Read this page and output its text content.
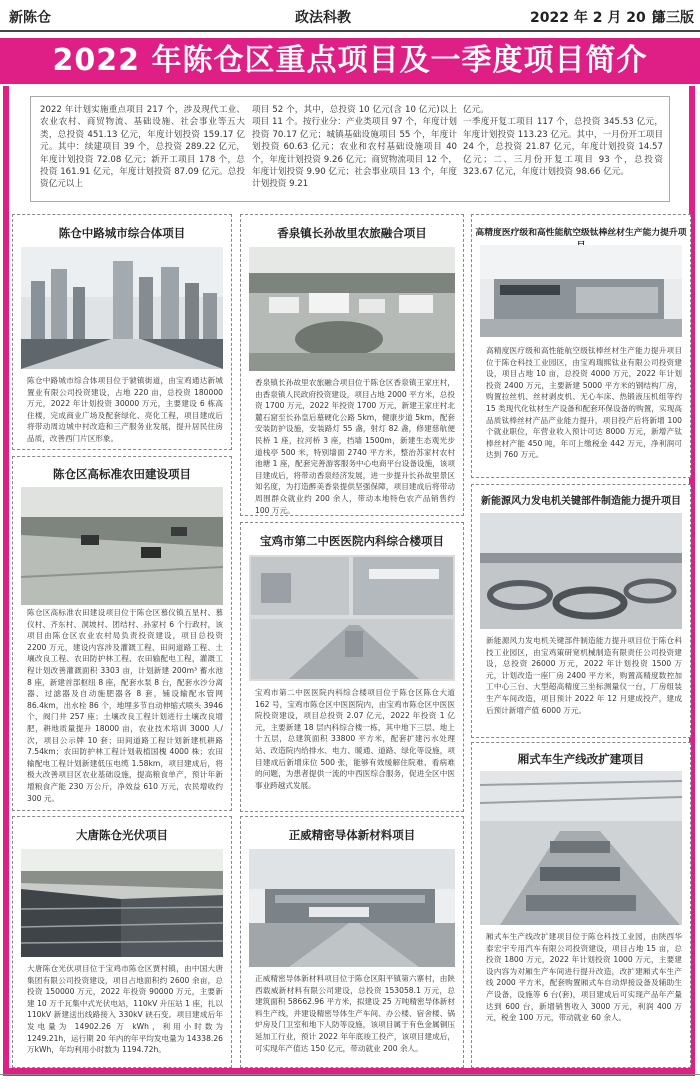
新陈仓	政法科教	2022 年 2 月 20 日
第三版
2022 年陈仓区重点项目及一季度项目简介
2022 年计划实施重点项目 217 个，涉及现代工业、农业农村、商贸物流、基础设施、社会事业等五大类，总投资 451.13 亿元，年度计划投资 159.17 亿元。其中：续建项目 39 个，总投资 289.22 亿元，年度计划投资 72.08 亿元；新开工项目 178 个，总投资 161.91 亿元，年度计划投资 87.09 亿元。总投资亿元以上
项目 52 个，其中，总投资 10 亿元(含 10 亿元)以上项目 11 个。按行业分：产业类项目 97 个，年度计划投资 70.17 亿元；城镇基础设施项目 55 个，年度计划投资 60.63 亿元；农业和农村基础设施项目 40 个，年度计划投资 9.26 亿元；商贸物流项目 12 个，年度计划投资 9.90 亿元；社会事业项目 13 个，年度计划投资 9.21
亿元。
一季度开复工项目 117 个，总投资 345.53 亿元，年度计划投资 113.23 亿元。其中，一月份开工项目 24 个，总投资 21.87 亿元，年度计划投资 14.57 亿元；二、三月份开复工项目 93 个，总投资 323.67 亿元，年度计划投资 98.66 亿元。
陈仓中路城市综合体项目
陈仓中路城市综合体项目位于虢镇街道，由宝鸡通达新城置业有限公司投资建设，占地 220 亩，总投资 180000 万元，2022 年计划投资 30000 万元，主要建设 6 栋高住楼，完成商业广场及配套绿化、亮化工程，项目建成后将带动周边城中村改造和三产服务业发展，提升居民住房品质，改善西门片区形象。
陈仓区高标准农田建设项目
陈仓区高标准农田建设项目位于陈仓区慕仪镇五星村、慕仪村、齐东村、洞坡村、团结村、孙家村 6 个行政村，该项目由陈仓区农业农村局负责投资建设，项目总投资 2200 万元，建设内容涉及灌溉工程、田间道路工程、土壤改良工程、农田防护林工程、农田输配电工程，灌溉工程计划改善灌溉面积 3303 亩，计划新建 200m³ 蓄水池 8 座，新建首部枢纽 8 座，配套水泵 8 台，配套水沙分离器、过滤器及自动施肥器各 8 套，铺设输配水管网 86.4km，出水栓 86 个，地埋多节自动伸缩式喷头 3946 个，阀门井 257 座；土壤改良工程计划进行土壤改良增肥，耕地质量提升 18000 亩，农业技术培训 3000 人/次，项目公示牌 10 套；田间道路工程计划新建机耕路 7.54km；农田防护林工程计划栽植国槐 4000 株；农田输配电工程计划新建低压电缆 1.58km，项目建成后，将极大改善项目区农业基础设施，提高粮食单产，预计年新增粮食产能 230 万公斤，净效益 610 万元，农民增收约 300 元。
大唐陈仓光伏项目
大唐陈仓光伏项目位于宝鸡市陈仓区贾村镇，由中国大唐集团有限公司投资建设，项目占地面积约 2600 余亩，总投资 150000 万元，2022 年投资 90000 万元，主要新建 10 万千瓦集中式光伏电站，110kV 升压站 1 座，扎以 110kV 新建送出线路接入 330kV 硖石变。项目建成后年发电量为 14902.26 万 kWh，利用小时数为 1249.21h，运行期 20 年内的年平均发电量为 14338.26 万kWh，年均利用小时数为 1194.72h。
香泉镇长孙故里农旅融合项目
香泉镇长孙故里农旅融合项目位于陈仓区香泉镇王家庄村，由香泉镇人民政府投资建设，项目占地 2000 平方米，总投资 1700 万元，2022 年投资 1700 万元，新建王家庄村北麓石窟至长孙皇后墓硬化公路 5km，健康步道 5km，配套安装防护设施，安装路灯 55 盏，射灯 82 盏，修建慈航便民桥 1 座，拉河桥 3 座，挡墙 1500m，新建生态观光步道栈亭 500 米，特别墙面 2740 平方米，整治苏家村农村池塘 1 座，配套完善游客服务中心电商平台设备设施，该项目建成后，将带动香泉经济发展，进一步提升长孙故里景区知名度，为打造醉美香泉提供坚强保障，项目建成后将带动周围群众就业约 200 余人，带动本地特色农产品销售约 100 万元。
宝鸡市第二中医医院内科综合楼项目
宝鸡市第二中医医院内科综合楼项目位于陈仓区陈仓大道 162 号，宝鸡市陈仓区中医医院内，由宝鸡市陈仓区中医医院投资建设，项目总投资 2.07 亿元，2022 年投资 1 亿元，主要新建 18 层内科综合楼一栋，其中地下三层、地上十五层，总建筑面积 33800 平方米，配套扩建污水处理站、改造院内给排水、电力、暖通、道路、绿化等设施，项目建成后新增床位 500 张，能够有效缓解住院难、看病难的问题，为患者提供一流的中西医综合服务，促进全区中医事业跨越式发展。
正威精密导体新材料项目
正威精密导体新材料项目位于陈仓区阳平镇第六寨村，由陕西载威新材料有限公司建设，总投资 153058.1 万元，总建筑面积 58662.96 平方米，拟建设 25 万吨精密导体新材料生产线，并建设精密导体生产车间、办公楼、宿舍楼、锅炉房及门卫室和地下人防等设施，该项目属于有色金属铜压延加工行业，预计 2022 年年底竣工投产，该项目建成后，可实现年产值达 150 亿元，带动就业 200 余人。
高精度医疗级和高性能航空级钛棒丝材生产能力提升项
高精度医疗级和高性能航空级钛棒丝材生产能力提升项目位于陈仓科技工业园区，由宝鸡瑞熙钛业有限公司投资建设，项目占地 10 亩，总投资 4000 万元，2022 年计划投资 2400 万元，主要新建 5000 平方米的钢结构厂房，购置拉丝机、丝材剥皮机、无心车床、热锻液压机组等约 15 类现代化钛材生产设备和配套环保设备的购置，实现高品质钛棒丝材产品产业能力提升，项目投产后将新增 100 个就业职位，年营业收入预计可达 8000 万元，新增产钛棒丝材产能 450 吨，年可上缴税金 442 万元，净利润可达到 760 万元。
新能源风力发电机关键部件制造能力提升项目
新能源风力发电机关键部件制造能力提升项目位于陈仓科技工业园区，由宝鸡策研宽机械制造有限责任公司投资建设，总投资 26000 万元，2022 年计划投资 1500 万元，计划改造一座厂房 2400 平方米，购置高精度数控加工中心三台、大型超高精度三坐标测量仪一台，厂房组装生产车间改造，项目预计 2022 年 12 月建成投产，建成后预计新增产值 6000 万元。
厢式车生产线改扩建项目
厢式车生产线改扩建项目位于陈仓科技工业园，由陕西华泰宏宇专用汽车有限公司投资建设，项目占地 15 亩，总投资 1800 万元，2022 年计划投资 1000 万元，主要建设内容为对厢生产车间进行提升改造，改扩建厢式车生产线 2000 平方米，配套购置厢式车自动焊接设备及辅助生产设备，设施等 6 台(套)，项目建成后可实现产品年产量达到 600 台，新增销售收入 3000 万元，利润 400 万元，税金 100 万元，带动就业 60 余人。
